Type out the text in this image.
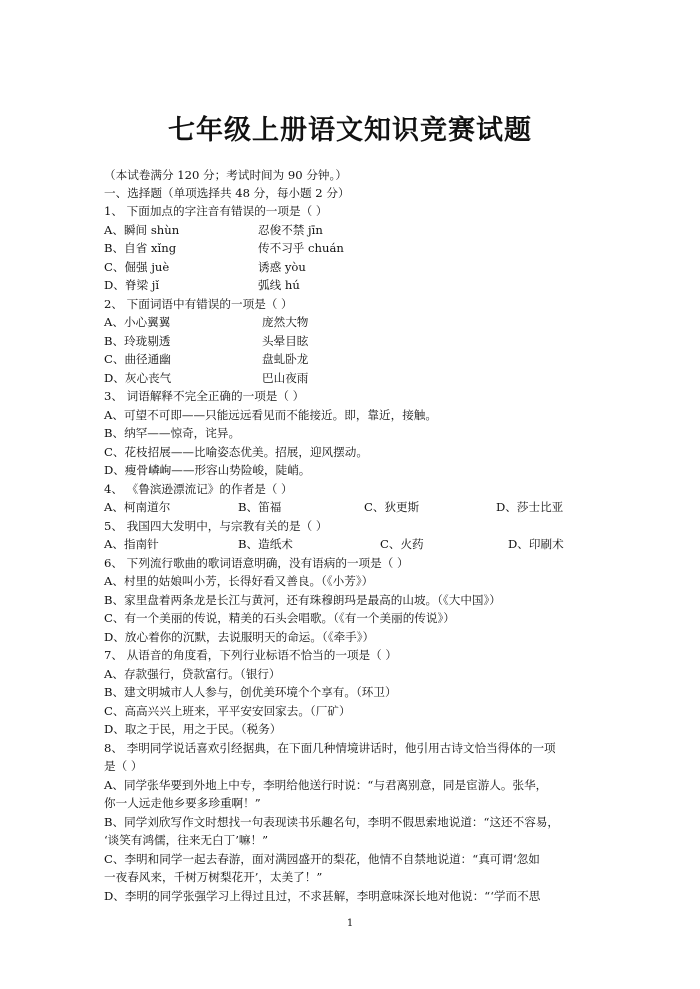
七年级上册语文知识竞赛试题
（本试卷满分 120 分；考试时间为 90 分钟。）
一、选择题（单项选择共 48 分，每小题 2 分）
1、 下面加点的字注音有错误的一项是（ ）
A、瞬间 shùn	忍俊不禁 jīn
B、自省 xǐng	传不习乎 chuán
C、倔强 juè	诱惑 yòu
D、脊梁 jǐ	弧线 hú
2、 下面词语中有错误的一项是（ ）
A、小心翼翼	庞然大物
B、玲珑剔透	头晕目眩
C、曲径通幽	盘虬卧龙
D、灰心丧气	巴山夜雨
3、 词语解释不完全正确的一项是（ ）
A、可望不可即——只能远远看见而不能接近。即，靠近，接触。
B、纳罕——惊奇，诧异。
C、花枝招展——比喻姿态优美。招展，迎风摆动。
D、瘦骨嶙峋——形容山势险峻，陡峭。
4、 《鲁滨逊漂流记》的作者是（ ）
A、柯南道尔	B、笛福	C、狄更斯	D、莎士比亚
5、 我国四大发明中，与宗教有关的是（ ）
A、指南针	B、造纸术	C、火药	D、印刷术
6、 下列流行歌曲的歌词语意明确，没有语病的一项是（ ）
A、村里的姑娘叫小芳，长得好看又善良。（《小芳》）
B、家里盘着两条龙是长江与黄河，还有珠穆朗玛是最高的山坡。（《大中国》）
C、有一个美丽的传说，精美的石头会唱歌。（《有一个美丽的传说》）
D、放心着你的沉默，去说服明天的命运。（《牵手》）
7、 从语音的角度看，下列行业标语不恰当的一项是（ ）
A、存款强行，贷款富行。（银行）
B、建文明城市人人参与，创优美环境个个享有。（环卫）
C、高高兴兴上班来，平平安安回家去。（厂矿）
D、取之于民，用之于民。（税务）
8、 李明同学说话喜欢引经据典，在下面几种情境讲话时，他引用古诗文恰当得体的一项
是（ ）
A、同学张华要到外地上中专，李明给他送行时说：“与君离别意，同是宦游人。张华，
你一人远走他乡要多珍重啊！”
B、同学刘欣写作文时想找一句表现读书乐趣名句，李明不假思索地说道：“这还不容易，
‘谈笑有鸿儒，往来无白丁’嘛！”
C、李明和同学一起去春游，面对满园盛开的梨花，他情不自禁地说道：“真可谓‘忽如
一夜春风来，千树万树梨花开’，太美了！”
D、李明的同学张强学习上得过且过，不求甚解，李明意味深长地对他说：“‘学而不思
1
